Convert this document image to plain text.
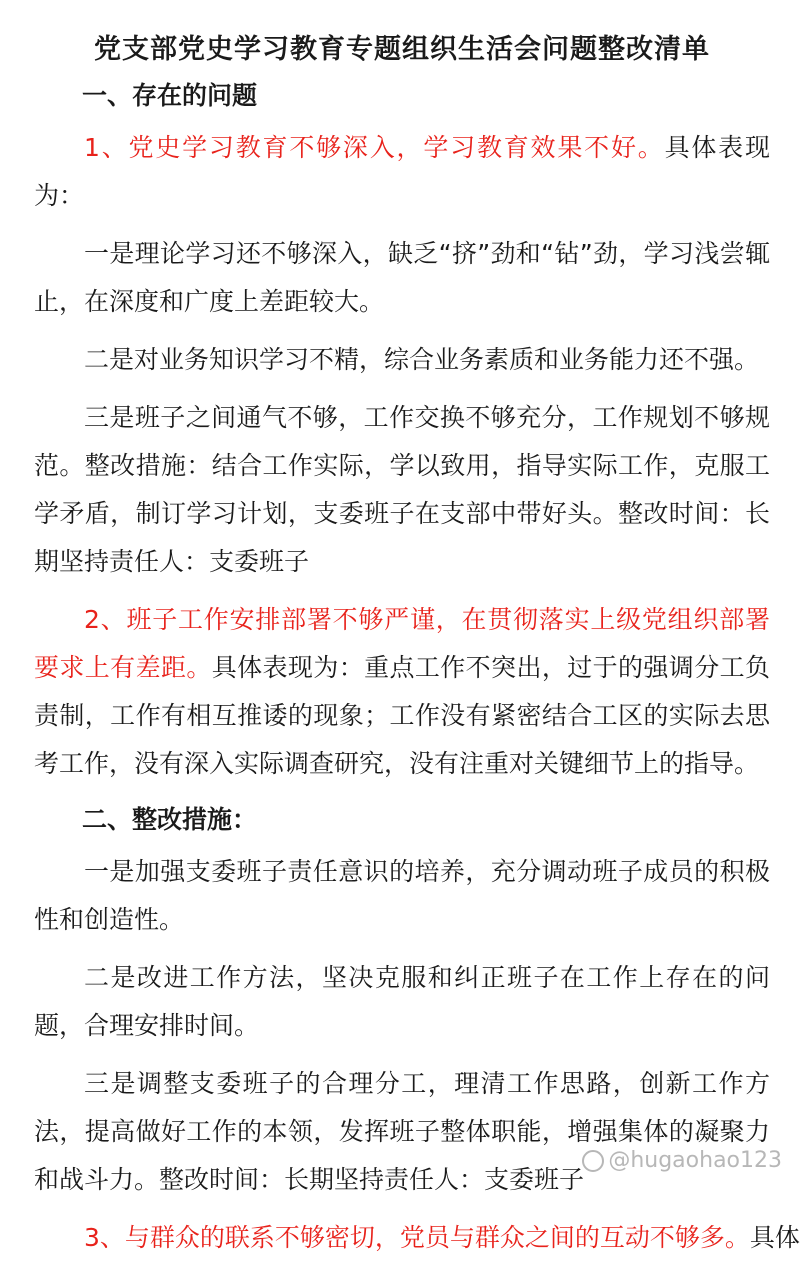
党支部党史学习教育专题组织生活会问题整改清单
一、存在的问题

1、党史学习教育不够深入，学习教育效果不好。具体表现为：

一是理论学习还不够深入，缺乏“挤”劲和“钻”劲，学习浅尝辄止，在深度和广度上差距较大。

二是对业务知识学习不精，综合业务素质和业务能力还不强。

三是班子之间通气不够，工作交换不够充分，工作规划不够规范。整改措施：结合工作实际，学以致用，指导实际工作，克服工学矛盾，制订学习计划，支委班子在支部中带好头。整改时间：长期坚持责任人：支委班子

2、班子工作安排部署不够严谨，在贯彻落实上级党组织部署要求上有差距。具体表现为：重点工作不突出，过于的强调分工负责制，工作有相互推诿的现象；工作没有紧密结合工区的实际去思考工作，没有深入实际调查研究，没有注重对关键细节上的指导。

二、整改措施：

一是加强支委班子责任意识的培养，充分调动班子成员的积极性和创造性。

二是改进工作方法，坚决克服和纠正班子在工作上存在的问题，合理安排时间。

三是调整支委班子的合理分工，理清工作思路，创新工作方法，提高做好工作的本领，发挥班子整体职能，增强集体的凝聚力和战斗力。整改时间：长期坚持责任人：支委班子

3、与群众的联系不够密切，党员与群众之间的互动不够多。具体

@hugaohao123
